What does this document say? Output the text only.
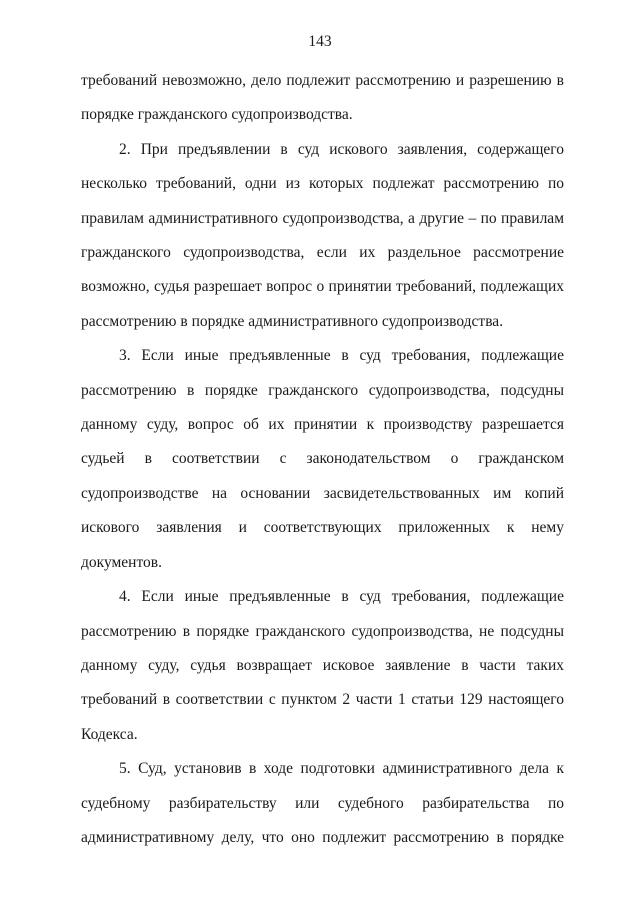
143

требований невозможно, дело подлежит рассмотрению и разрешению в порядке гражданского судопроизводства.

2. При предъявлении в суд искового заявления, содержащего несколько требований, одни из которых подлежат рассмотрению по правилам административного судопроизводства, а другие – по правилам гражданского судопроизводства, если их раздельное рассмотрение возможно, судья разрешает вопрос о принятии требований, подлежащих рассмотрению в порядке административного судопроизводства.

3. Если иные предъявленные в суд требования, подлежащие рассмотрению в порядке гражданского судопроизводства, подсудны данному суду, вопрос об их принятии к производству разрешается судьей в соответствии с законодательством о гражданском судопроизводстве на основании засвидетельствованных им копий искового заявления и соответствующих приложенных к нему документов.

4. Если иные предъявленные в суд требования, подлежащие рассмотрению в порядке гражданского судопроизводства, не подсудны данному суду, судья возвращает исковое заявление в части таких требований в соответствии с пунктом 2 части 1 статьи 129 настоящего Кодекса.

5. Суд, установив в ходе подготовки административного дела к судебному разбирательству или судебного разбирательства по административному делу, что оно подлежит рассмотрению в порядке
